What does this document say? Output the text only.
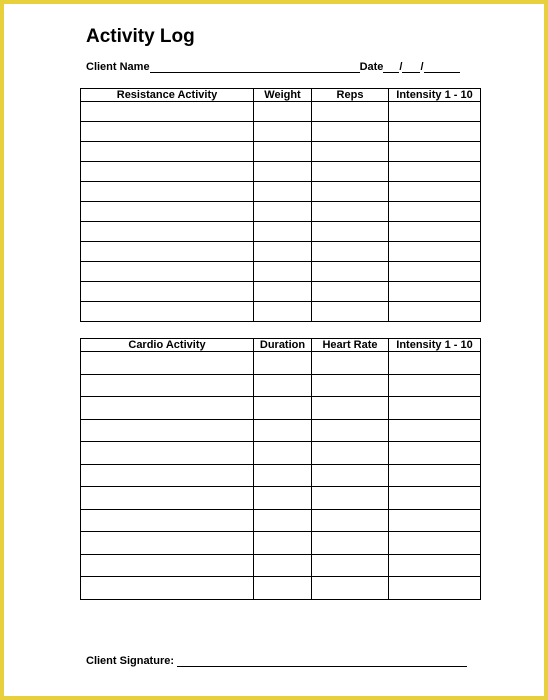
Activity Log
Client Name	Date / /
Resistance Activity	Weight	Reps	Intensity 1 - 10

Cardio Activity	Duration	Heart Rate	Intensity 1 - 10

Client Signature:
